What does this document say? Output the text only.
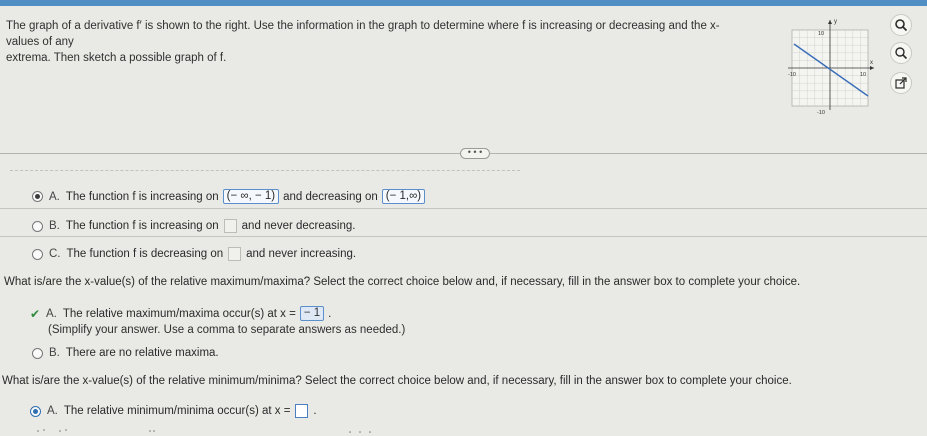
The graph of a derivative f′ is shown to the right. Use the information in the graph to determine where f is increasing or decreasing and the x-values of any
extrema. Then sketch a possible graph of f.
y
x
10
-10
-10	10
• • •
A. The function f is increasing on (− ∞, − 1) and decreasing on (− 1,∞)
B. The function f is increasing on and never decreasing.
C. The function f is decreasing on and never increasing.
What is/are the x-value(s) of the relative maximum/maxima? Select the correct choice below and, if necessary, fill in the answer box to complete your choice.
✔ A. The relative maximum/maxima occur(s) at x = − 1 .
(Simplify your answer. Use a comma to separate answers as needed.)
B. There are no relative maxima.
What is/are the x-value(s) of the relative minimum/minima? Select the correct choice below and, if necessary, fill in the answer box to complete your choice.
A. The relative minimum/minima occur(s) at x = .
